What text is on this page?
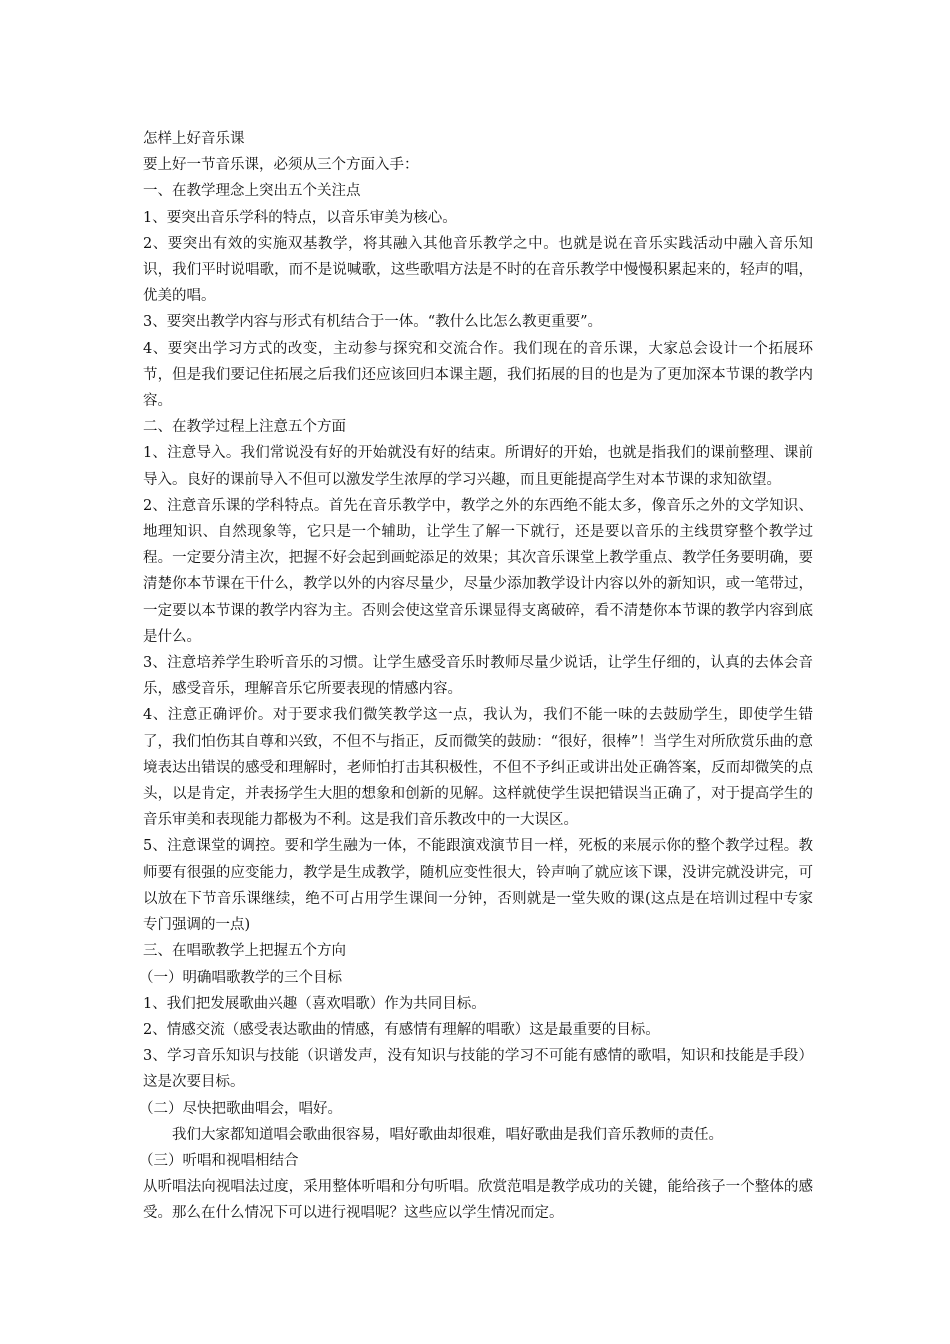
怎样上好音乐课

要上好一节音乐课，必须从三个方面入手：

一、在教学理念上突出五个关注点

1、要突出音乐学科的特点，以音乐审美为核心。

2、要突出有效的实施双基教学，将其融入其他音乐教学之中。也就是说在音乐实践活动中融入音乐知识，我们平时说唱歌，而不是说喊歌，这些歌唱方法是不时的在音乐教学中慢慢积累起来的，轻声的唱，优美的唱。

3、要突出教学内容与形式有机结合于一体。“教什么比怎么教更重要”。

4、要突出学习方式的改变，主动参与探究和交流合作。我们现在的音乐课，大家总会设计一个拓展环节，但是我们要记住拓展之后我们还应该回归本课主题，我们拓展的目的也是为了更加深本节课的教学内容。

二、在教学过程上注意五个方面

1、注意导入。我们常说没有好的开始就没有好的结束。所谓好的开始，也就是指我们的课前整理、课前导入。良好的课前导入不但可以激发学生浓厚的学习兴趣，而且更能提高学生对本节课的求知欲望。

2、注意音乐课的学科特点。首先在音乐教学中，教学之外的东西绝不能太多，像音乐之外的文学知识、地理知识、自然现象等，它只是一个辅助，让学生了解一下就行，还是要以音乐的主线贯穿整个教学过程。一定要分清主次，把握不好会起到画蛇添足的效果；其次音乐课堂上教学重点、教学任务要明确，要清楚你本节课在干什么，教学以外的内容尽量少，尽量少添加教学设计内容以外的新知识，或一笔带过，一定要以本节课的教学内容为主。否则会使这堂音乐课显得支离破碎，看不清楚你本节课的教学内容到底是什么。

3、注意培养学生聆听音乐的习惯。让学生感受音乐时教师尽量少说话，让学生仔细的，认真的去体会音乐，感受音乐，理解音乐它所要表现的情感内容。

4、注意正确评价。对于要求我们微笑教学这一点，我认为，我们不能一味的去鼓励学生，即使学生错了，我们怕伤其自尊和兴致，不但不与指正，反而微笑的鼓励：“很好，很棒”！当学生对所欣赏乐曲的意境表达出错误的感受和理解时，老师怕打击其积极性，不但不予纠正或讲出处正确答案，反而却微笑的点头，以是肯定，并表扬学生大胆的想象和创新的见解。这样就使学生误把错误当正确了，对于提高学生的音乐审美和表现能力都极为不利。这是我们音乐教改中的一大误区。

5、注意课堂的调控。要和学生融为一体，不能跟演戏演节目一样，死板的来展示你的整个教学过程。教师要有很强的应变能力，教学是生成教学，随机应变性很大，铃声响了就应该下课，没讲完就没讲完，可以放在下节音乐课继续，绝不可占用学生课间一分钟，否则就是一堂失败的课(这点是在培训过程中专家专门强调的一点)

三、在唱歌教学上把握五个方向

（一）明确唱歌教学的三个目标

1、我们把发展歌曲兴趣（喜欢唱歌）作为共同目标。

2、情感交流（感受表达歌曲的情感，有感情有理解的唱歌）这是最重要的目标。

3、学习音乐知识与技能（识谱发声，没有知识与技能的学习不可能有感情的歌唱，知识和技能是手段）这是次要目标。

（二）尽快把歌曲唱会，唱好。

我们大家都知道唱会歌曲很容易，唱好歌曲却很难，唱好歌曲是我们音乐教师的责任。

（三）听唱和视唱相结合

从听唱法向视唱法过度，采用整体听唱和分句听唱。欣赏范唱是教学成功的关键，能给孩子一个整体的感受。那么在什么情况下可以进行视唱呢？这些应以学生情况而定。
